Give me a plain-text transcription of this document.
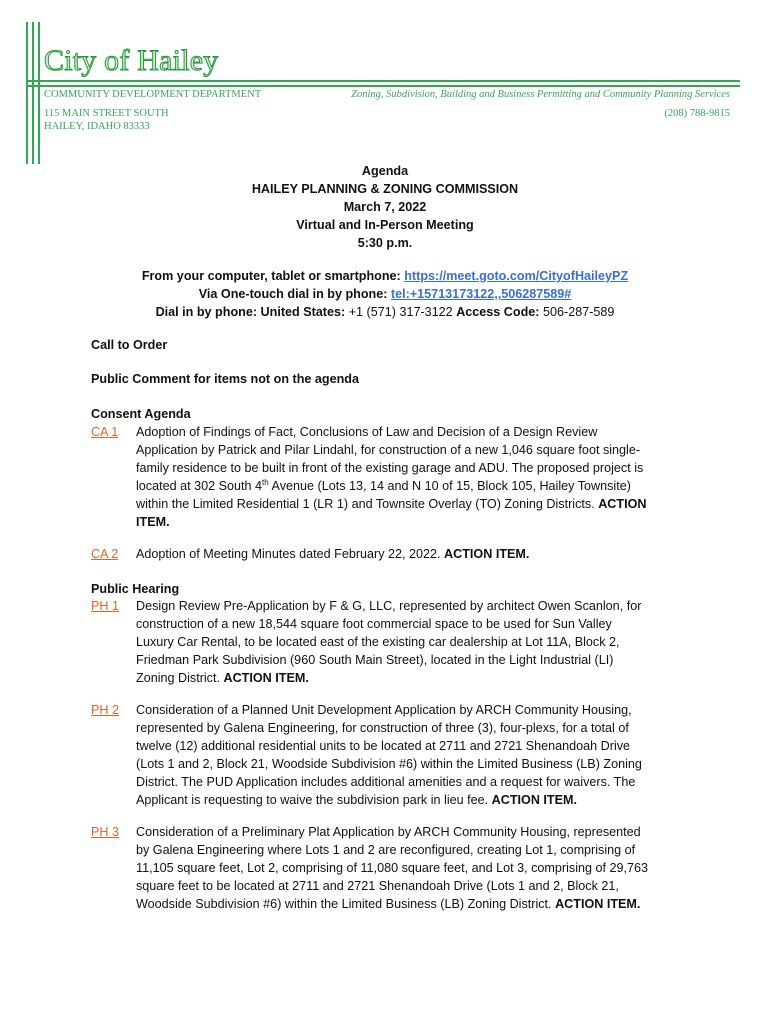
City of Hailey
COMMUNITY DEVELOPMENT DEPARTMENT
115 MAIN STREET SOUTH
HAILEY, IDAHO 83333
Zoning, Subdivision, Building and Business Permitting and Community Planning Services
(208) 788-9815

Agenda

HAILEY PLANNING & ZONING COMMISSION

March 7, 2022

Virtual and In-Person Meeting

5:30 p.m.

From your computer, tablet or smartphone: https://meet.goto.com/CityofHaileyPZ

Via One-touch dial in by phone: tel:+15713173122,,506287589#

Dial in by phone: United States: +1 (571) 317-3122 Access Code: 506-287-589

Call to Order

Public Comment for items not on the agenda

Consent Agenda

CA 1 Adoption of Findings of Fact, Conclusions of Law and Decision of a Design Review Application by Patrick and Pilar Lindahl, for construction of a new 1,046 square foot single-family residence to be built in front of the existing garage and ADU. The proposed project is located at 302 South 4th Avenue (Lots 13, 14 and N 10 of 15, Block 105, Hailey Townsite) within the Limited Residential 1 (LR 1) and Townsite Overlay (TO) Zoning Districts. ACTION ITEM.

CA 2 Adoption of Meeting Minutes dated February 22, 2022. ACTION ITEM.

Public Hearing

PH 1 Design Review Pre-Application by F & G, LLC, represented by architect Owen Scanlon, for construction of a new 18,544 square foot commercial space to be used for Sun Valley Luxury Car Rental, to be located east of the existing car dealership at Lot 11A, Block 2, Friedman Park Subdivision (960 South Main Street), located in the Light Industrial (LI) Zoning District. ACTION ITEM.

PH 2 Consideration of a Planned Unit Development Application by ARCH Community Housing, represented by Galena Engineering, for construction of three (3), four-plexs, for a total of twelve (12) additional residential units to be located at 2711 and 2721 Shenandoah Drive (Lots 1 and 2, Block 21, Woodside Subdivision #6) within the Limited Business (LB) Zoning District. The PUD Application includes additional amenities and a request for waivers. The Applicant is requesting to waive the subdivision park in lieu fee. ACTION ITEM.

PH 3 Consideration of a Preliminary Plat Application by ARCH Community Housing, represented by Galena Engineering where Lots 1 and 2 are reconfigured, creating Lot 1, comprising of 11,105 square feet, Lot 2, comprising of 11,080 square feet, and Lot 3, comprising of 29,763 square feet to be located at 2711 and 2721 Shenandoah Drive (Lots 1 and 2, Block 21, Woodside Subdivision #6) within the Limited Business (LB) Zoning District. ACTION ITEM.
